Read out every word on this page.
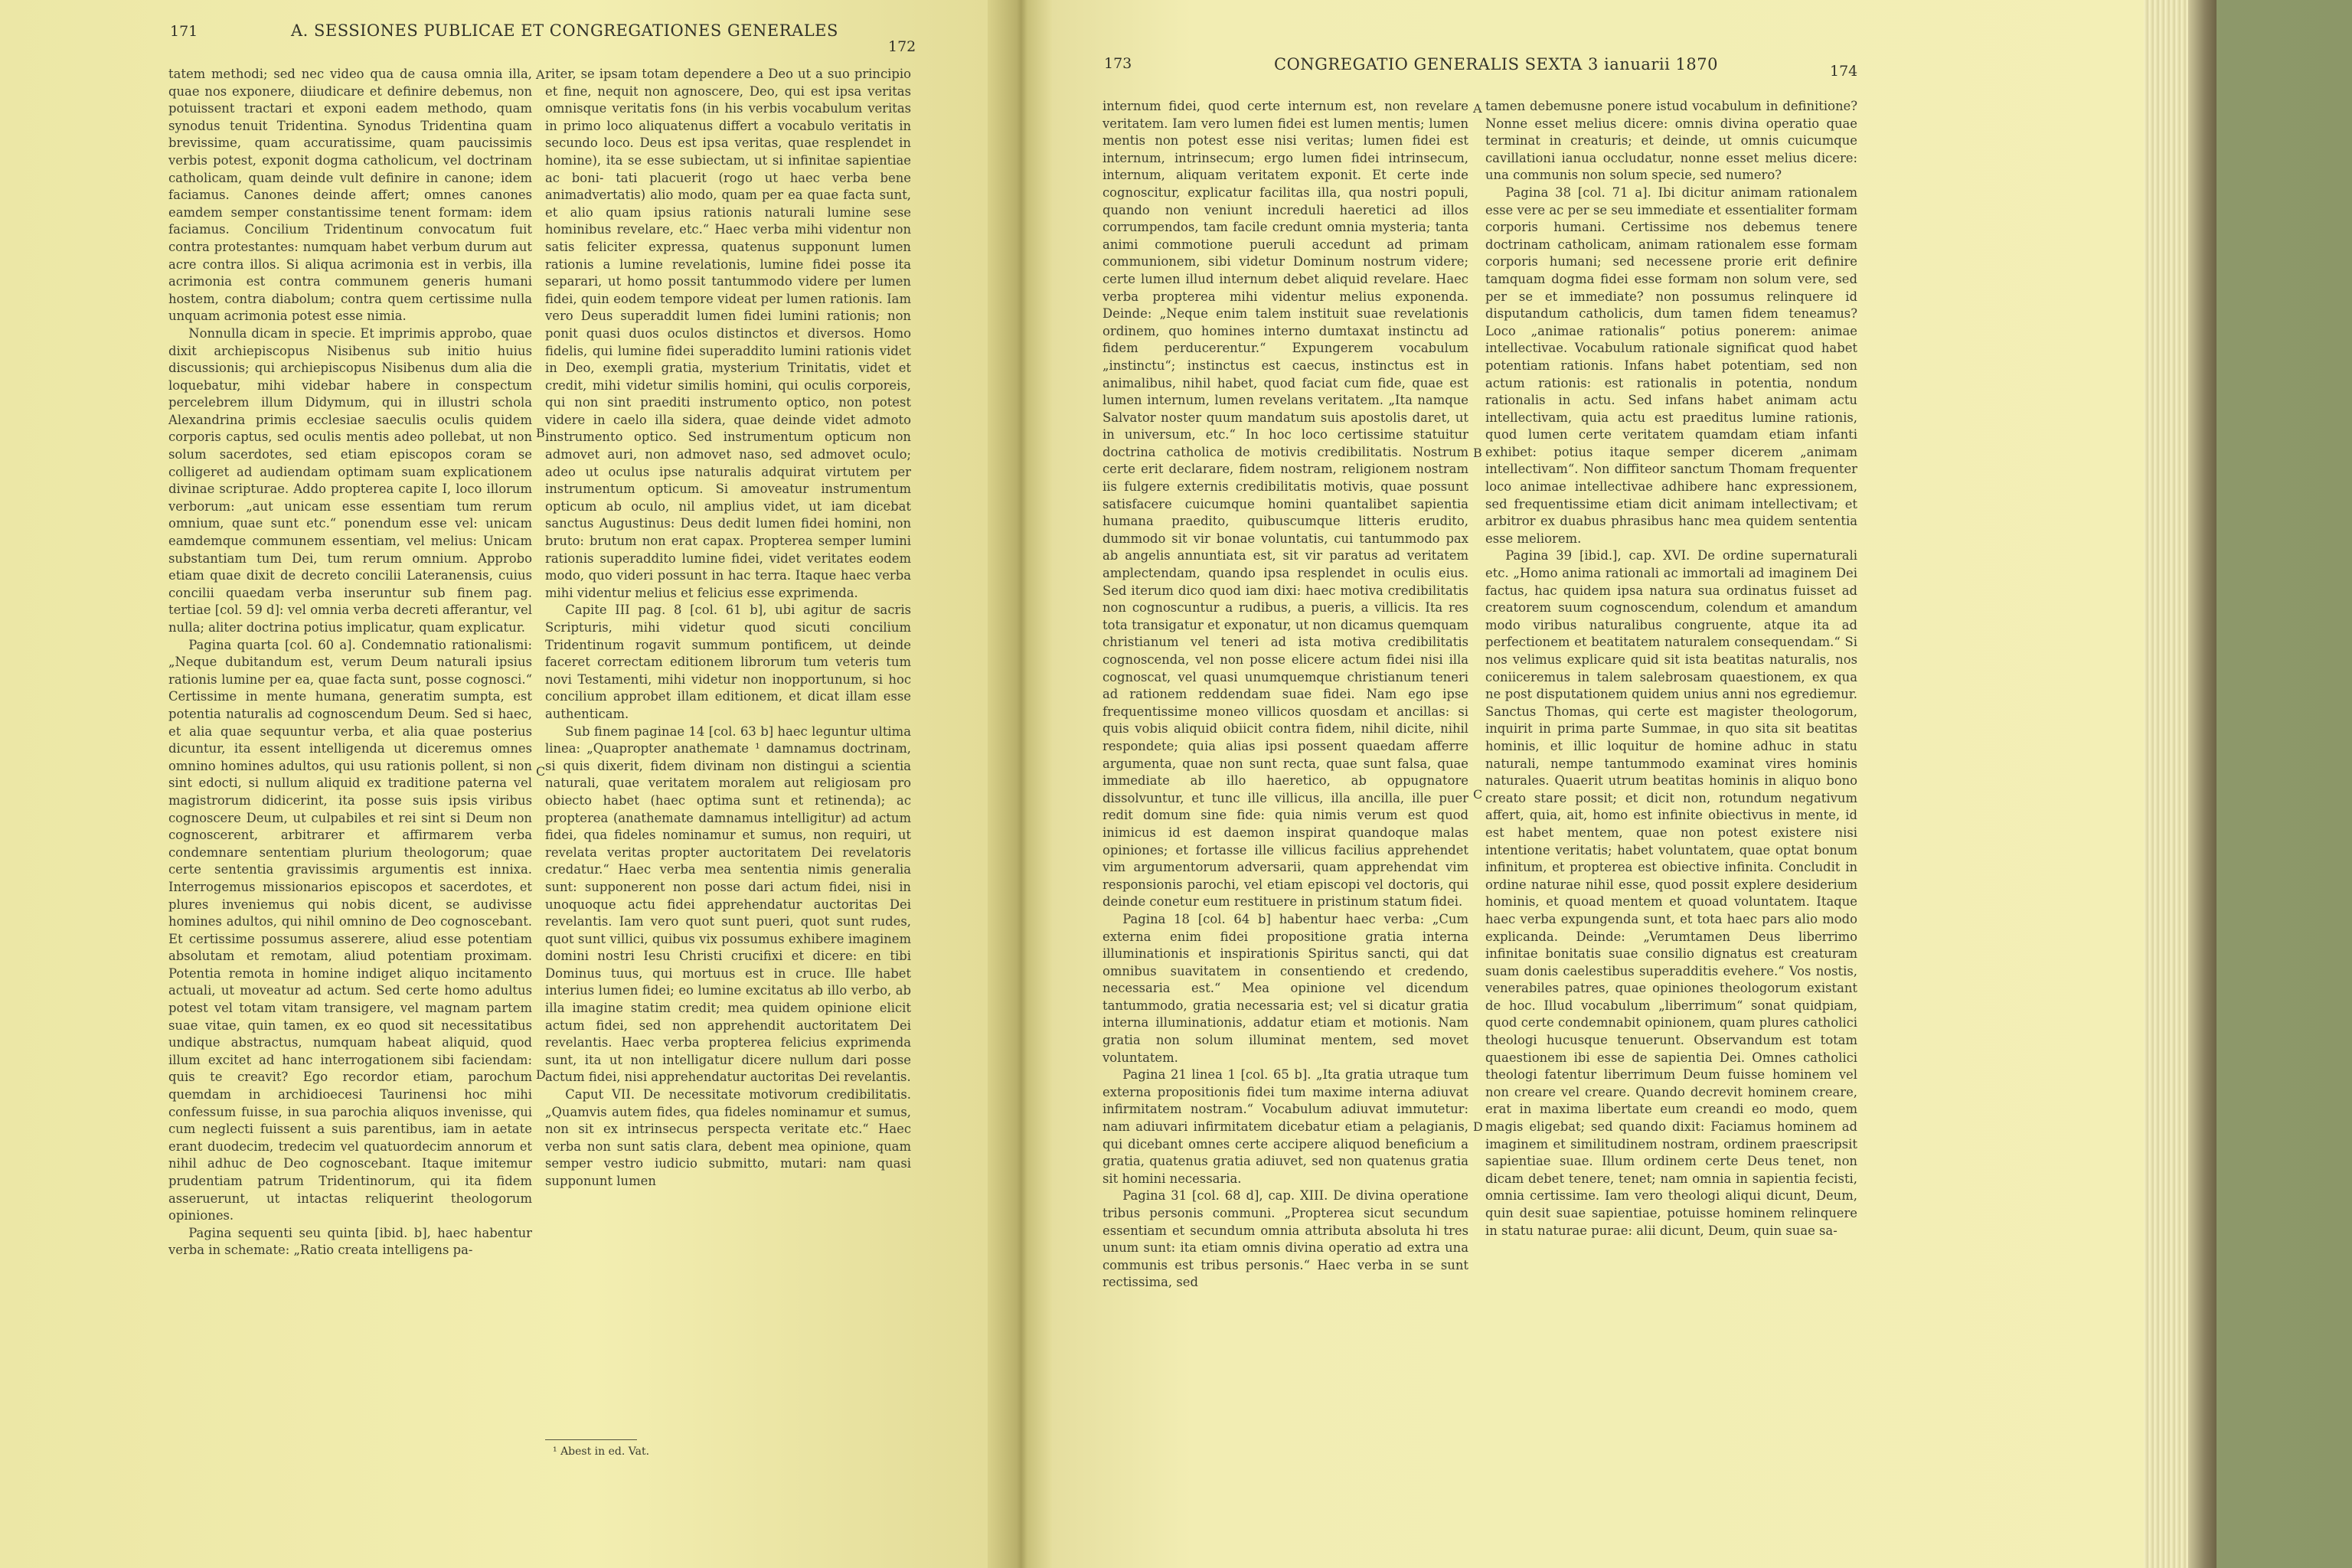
171	A. SESSIONES PUBLICAE ET CONGREGATIONES GENERALES
172

tatem methodi; sed nec video qua de causa omnia illa, quae nos exponere, diiudicare et definire debemus, non potuissent tractari et exponi eadem methodo, quam synodus tenuit Tridentina. Synodus Tridentina quam brevissime, quam accuratissime, quam paucissimis verbis potest, exponit dogma catholicum, vel doctrinam catholicam, quam deinde vult definire in canone; idem faciamus. Canones deinde affert; omnes canones eamdem semper constantissime tenent formam: idem faciamus. Concilium Tridentinum convocatum fuit contra protestantes: numquam habet verbum durum aut acre contra illos. Si aliqua acrimonia est in verbis, illa acrimonia est contra communem generis humani hostem, contra diabolum; contra quem certissime nulla unquam acrimonia potest esse nimia.

Nonnulla dicam in specie. Et imprimis approbo, quae dixit archiepiscopus Nisibenus sub initio huius discussionis; qui archiepiscopus Nisibenus dum alia die loquebatur, mihi videbar habere in conspectum percelebrem illum Didymum, qui in illustri schola Alexandrina primis ecclesiae saeculis oculis quidem corporis captus, sed oculis mentis adeo pollebat, ut non solum sacerdotes, sed etiam episcopos coram se colligeret ad audiendam optimam suam explicationem divinae scripturae. Addo propterea capite I, loco illorum verborum: „aut unicam esse essentiam tum rerum omnium, quae sunt etc.“ ponendum esse vel: unicam eamdemque communem essentiam, vel melius: Unicam substantiam tum Dei, tum rerum omnium. Approbo etiam quae dixit de decreto concilii Lateranensis, cuius concilii quaedam verba inseruntur sub finem pag. tertiae [col. 59 d]: vel omnia verba decreti afferantur, vel nulla; aliter doctrina potius implicatur, quam explicatur.

Pagina quarta [col. 60 a]. Condemnatio rationalismi: „Neque dubitandum est, verum Deum naturali ipsius rationis lumine per ea, quae facta sunt, posse cognosci.“ Certissime in mente humana, generatim sumpta, est potentia naturalis ad cognoscendum Deum. Sed si haec, et alia quae sequuntur verba, et alia quae posterius dicuntur, ita essent intelligenda ut diceremus omnes omnino homines adultos, qui usu rationis pollent, si non sint edocti, si nullum aliquid ex traditione paterna vel magistrorum didicerint, ita posse suis ipsis viribus cognoscere Deum, ut culpabiles et rei sint si Deum non cognoscerent, arbitrarer et affirmarem verba condemnare sententiam plurium theologorum; quae certe sententia gravissimis argumentis est innixa. Interrogemus missionarios episcopos et sacerdotes, et plures inveniemus qui nobis dicent, se audivisse homines adultos, qui nihil omnino de Deo cognoscebant. Et certissime possumus asserere, aliud esse potentiam absolutam et remotam, aliud potentiam proximam. Potentia remota in homine indiget aliquo incitamento actuali, ut moveatur ad actum. Sed certe homo adultus potest vel totam vitam transigere, vel magnam partem suae vitae, quin tamen, ex eo quod sit necessitatibus undique abstractus, numquam habeat aliquid, quod illum excitet ad hanc interrogationem sibi faciendam: quis te creavit? Ego recordor etiam, parochum quemdam in archidioecesi Taurinensi hoc mihi confessum fuisse, in sua parochia aliquos invenisse, qui cum neglecti fuissent a suis parentibus, iam in aetate erant duodecim, tredecim vel quatuordecim annorum et nihil adhuc de Deo cognoscebant. Itaque imitemur prudentiam patrum Tridentinorum, qui ita fidem asseruerunt, ut intactas reliquerint theologorum opiniones.

Pagina sequenti seu quinta [ibid. b], haec habentur verba in schemate: „Ratio creata intelligens pa-

A
B
C
D

riter, se ipsam totam dependere a Deo ut a suo principio et fine, nequit non agnoscere, Deo, qui est ipsa veritas omnisque veritatis fons (in his verbis vocabulum veritas in primo loco aliquatenus differt a vocabulo veritatis in secundo loco. Deus est ipsa veritas, quae resplendet in homine), ita se esse subiectam, ut si infinitae sapientiae ac boni- tati placuerit (rogo ut haec verba bene animadvertatis) alio modo, quam per ea quae facta sunt, et alio quam ipsius rationis naturali lumine sese hominibus revelare, etc.“ Haec verba mihi videntur non satis feliciter expressa, quatenus supponunt lumen rationis a lumine revelationis, lumine fidei posse ita separari, ut homo possit tantummodo videre per lumen fidei, quin eodem tempore videat per lumen rationis. Iam vero Deus superaddit lumen fidei lumini rationis; non ponit quasi duos oculos distinctos et diversos. Homo fidelis, qui lumine fidei superaddito lumini rationis videt in Deo, exempli gratia, mysterium Trinitatis, videt et credit, mihi videtur similis homini, qui oculis corporeis, qui non sint praediti instrumento optico, non potest videre in caelo illa sidera, quae deinde videt admoto instrumento optico. Sed instrumentum opticum non admovet auri, non admovet naso, sed admovet oculo; adeo ut oculus ipse naturalis adquirat virtutem per instrumentum opticum. Si amoveatur instrumentum opticum ab oculo, nil amplius videt, ut iam dicebat sanctus Augustinus: Deus dedit lumen fidei homini, non bruto: brutum non erat capax. Propterea semper lumini rationis superaddito lumine fidei, videt veritates eodem modo, quo videri possunt in hac terra. Itaque haec verba mihi videntur melius et felicius esse exprimenda.

Capite III pag. 8 [col. 61 b], ubi agitur de sacris Scripturis, mihi videtur quod sicuti concilium Tridentinum rogavit summum pontificem, ut deinde faceret correctam editionem librorum tum veteris tum novi Testamenti, mihi videtur non inopportunum, si hoc concilium approbet illam editionem, et dicat illam esse authenticam.

Sub finem paginae 14 [col. 63 b] haec leguntur ultima linea: „Quapropter anathemate ¹ damnamus doctrinam, si quis dixerit, fidem divinam non distingui a scientia naturali, quae veritatem moralem aut religiosam pro obiecto habet (haec optima sunt et retinenda); ac propterea (anathemate damnamus intelligitur) ad actum fidei, qua fideles nominamur et sumus, non requiri, ut revelata veritas propter auctoritatem Dei revelatoris credatur.“ Haec verba mea sententia nimis generalia sunt: supponerent non posse dari actum fidei, nisi in unoquoque actu fidei apprehendatur auctoritas Dei revelantis. Iam vero quot sunt pueri, quot sunt rudes, quot sunt villici, quibus vix possumus exhibere imaginem domini nostri Iesu Christi crucifixi et dicere: en tibi Dominus tuus, qui mortuus est in cruce. Ille habet interius lumen fidei; eo lumine excitatus ab illo verbo, ab illa imagine statim credit; mea quidem opinione elicit actum fidei, sed non apprehendit auctoritatem Dei revelantis. Haec verba propterea felicius exprimenda sunt, ita ut non intelligatur dicere nullum dari posse actum fidei, nisi apprehendatur auctoritas Dei revelantis.

Caput VII. De necessitate motivorum credibilitatis. „Quamvis autem fides, qua fideles nominamur et sumus, non sit ex intrinsecus perspecta veritate etc.“ Haec verba non sunt satis clara, debent mea opinione, quam semper vestro iudicio submitto, mutari: nam quasi supponunt lumen

¹ Abest in ed. Vat.
173	CONGREGATIO GENERALIS SEXTA 3 ianuarii 1870	174

internum fidei, quod certe internum est, non revelare veritatem. Iam vero lumen fidei est lumen mentis; lumen mentis non potest esse nisi veritas; lumen fidei est internum, intrinsecum; ergo lumen fidei intrinsecum, internum, aliquam veritatem exponit. Et certe inde cognoscitur, explicatur facilitas illa, qua nostri populi, quando non veniunt increduli haeretici ad illos corrumpendos, tam facile credunt omnia mysteria; tanta animi commotione pueruli accedunt ad primam communionem, sibi videtur Dominum nostrum videre; certe lumen illud internum debet aliquid revelare. Haec verba propterea mihi videntur melius exponenda. Deinde: „Neque enim talem instituit suae revelationis ordinem, quo homines interno dumtaxat instinctu ad fidem perducerentur.“ Expungerem vocabulum „instinctu“; instinctus est caecus, instinctus est in animalibus, nihil habet, quod faciat cum fide, quae est lumen internum, lumen revelans veritatem. „Ita namque Salvator noster quum mandatum suis apostolis daret, ut in universum, etc.“ In hoc loco certissime statuitur doctrina catholica de motivis credibilitatis. Nostrum certe erit declarare, fidem nostram, religionem nostram iis fulgere externis credibilitatis motivis, quae possunt satisfacere cuicumque homini quantalibet sapientia humana praedito, quibuscumque litteris erudito, dummodo sit vir bonae voluntatis, cui tantummodo pax ab angelis annuntiata est, sit vir paratus ad veritatem amplectendam, quando ipsa resplendet in oculis eius. Sed iterum dico quod iam dixi: haec motiva credibilitatis non cognoscuntur a rudibus, a pueris, a villicis. Ita res tota transigatur et exponatur, ut non dicamus quemquam christianum vel teneri ad ista motiva credibilitatis cognoscenda, vel non posse elicere actum fidei nisi illa cognoscat, vel quasi unumquemque christianum teneri ad rationem reddendam suae fidei. Nam ego ipse frequentissime moneo villicos quosdam et ancillas: si quis vobis aliquid obiicit contra fidem, nihil dicite, nihil respondete; quia alias ipsi possent quaedam afferre argumenta, quae non sunt recta, quae sunt falsa, quae immediate ab illo haeretico, ab oppugnatore dissolvuntur, et tunc ille villicus, illa ancilla, ille puer redit domum sine fide: quia nimis verum est quod inimicus id est daemon inspirat quandoque malas opiniones; et fortasse ille villicus facilius apprehendet vim argumentorum adversarii, quam apprehendat vim responsionis parochi, vel etiam episcopi vel doctoris, qui deinde conetur eum restituere in pristinum statum fidei.

Pagina 18 [col. 64 b] habentur haec verba: „Cum externa enim fidei propositione gratia interna illuminationis et inspirationis Spiritus sancti, qui dat omnibus suavitatem in consentiendo et credendo, necessaria est.“ Mea opinione vel dicendum tantummodo, gratia necessaria est; vel si dicatur gratia interna illuminationis, addatur etiam et motionis. Nam gratia non solum illuminat mentem, sed movet voluntatem.

Pagina 21 linea 1 [col. 65 b]. „Ita gratia utraque tum externa propositionis fidei tum maxime interna adiuvat infirmitatem nostram.“ Vocabulum adiuvat immutetur: nam adiuvari infirmitatem dicebatur etiam a pelagianis, qui dicebant omnes certe accipere aliquod beneficium a gratia, quatenus gratia adiuvet, sed non quatenus gratia sit homini necessaria.

Pagina 31 [col. 68 d], cap. XIII. De divina operatione tribus personis communi. „Propterea sicut secundum essentiam et secundum omnia attributa absoluta hi tres unum sunt: ita etiam omnis divina operatio ad extra una communis est tribus personis.“ Haec verba in se sunt rectissima, sed

A
B
C
D

tamen debemusne ponere istud vocabulum in definitione? Nonne esset melius dicere: omnis divina operatio quae terminat in creaturis; et deinde, ut omnis cuicumque cavillationi ianua occludatur, nonne esset melius dicere: una communis non solum specie, sed numero?

Pagina 38 [col. 71 a]. Ibi dicitur animam rationalem esse vere ac per se seu immediate et essentialiter formam corporis humani. Certissime nos debemus tenere doctrinam catholicam, animam rationalem esse formam corporis humani; sed necessene prorie erit definire tamquam dogma fidei esse formam non solum vere, sed per se et immediate? non possumus relinquere id disputandum catholicis, dum tamen fidem teneamus? Loco „animae rationalis“ potius ponerem: animae intellectivae. Vocabulum rationale significat quod habet potentiam rationis. Infans habet potentiam, sed non actum rationis: est rationalis in potentia, nondum rationalis in actu. Sed infans habet animam actu intellectivam, quia actu est praeditus lumine rationis, quod lumen certe veritatem quamdam etiam infanti exhibet: potius itaque semper dicerem „animam intellectivam“. Non diffiteor sanctum Thomam frequenter loco animae intellectivae adhibere hanc expressionem, sed frequentissime etiam dicit animam intellectivam; et arbitror ex duabus phrasibus hanc mea quidem sententia esse meliorem.

Pagina 39 [ibid.], cap. XVI. De ordine supernaturali etc. „Homo anima rationali ac immortali ad imaginem Dei factus, hac quidem ipsa natura sua ordinatus fuisset ad creatorem suum cognoscendum, colendum et amandum modo viribus naturalibus congruente, atque ita ad perfectionem et beatitatem naturalem consequendam.“ Si nos velimus explicare quid sit ista beatitas naturalis, nos coniiceremus in talem salebrosam quaestionem, ex qua ne post disputationem quidem unius anni nos egrediemur. Sanctus Thomas, qui certe est magister theologorum, inquirit in prima parte Summae, in quo sita sit beatitas hominis, et illic loquitur de homine adhuc in statu naturali, nempe tantummodo examinat vires hominis naturales. Quaerit utrum beatitas hominis in aliquo bono creato stare possit; et dicit non, rotundum negativum affert, quia, ait, homo est infinite obiectivus in mente, id est habet mentem, quae non potest existere nisi intentione veritatis; habet voluntatem, quae optat bonum infinitum, et propterea est obiective infinita. Concludit in ordine naturae nihil esse, quod possit explere desiderium hominis, et quoad mentem et quoad voluntatem. Itaque haec verba expungenda sunt, et tota haec pars alio modo explicanda. Deinde: „Verumtamen Deus liberrimo infinitae bonitatis suae consilio dignatus est creaturam suam donis caelestibus superadditis evehere.“ Vos nostis, venerabiles patres, quae opiniones theologorum existant de hoc. Illud vocabulum „liberrimum“ sonat quidpiam, quod certe condemnabit opinionem, quam plures catholici theologi hucusque tenuerunt. Observandum est totam quaestionem ibi esse de sapientia Dei. Omnes catholici theologi fatentur liberrimum Deum fuisse hominem vel non creare vel creare. Quando decrevit hominem creare, erat in maxima libertate eum creandi eo modo, quem magis eligebat; sed quando dixit: Faciamus hominem ad imaginem et similitudinem nostram, ordinem praescripsit sapientiae suae. Illum ordinem certe Deus tenet, non dicam debet tenere, tenet; nam omnia in sapientia fecisti, omnia certissime. Iam vero theologi aliqui dicunt, Deum, quin desit suae sapientiae, potuisse hominem relinquere in statu naturae purae: alii dicunt, Deum, quin suae sa-
